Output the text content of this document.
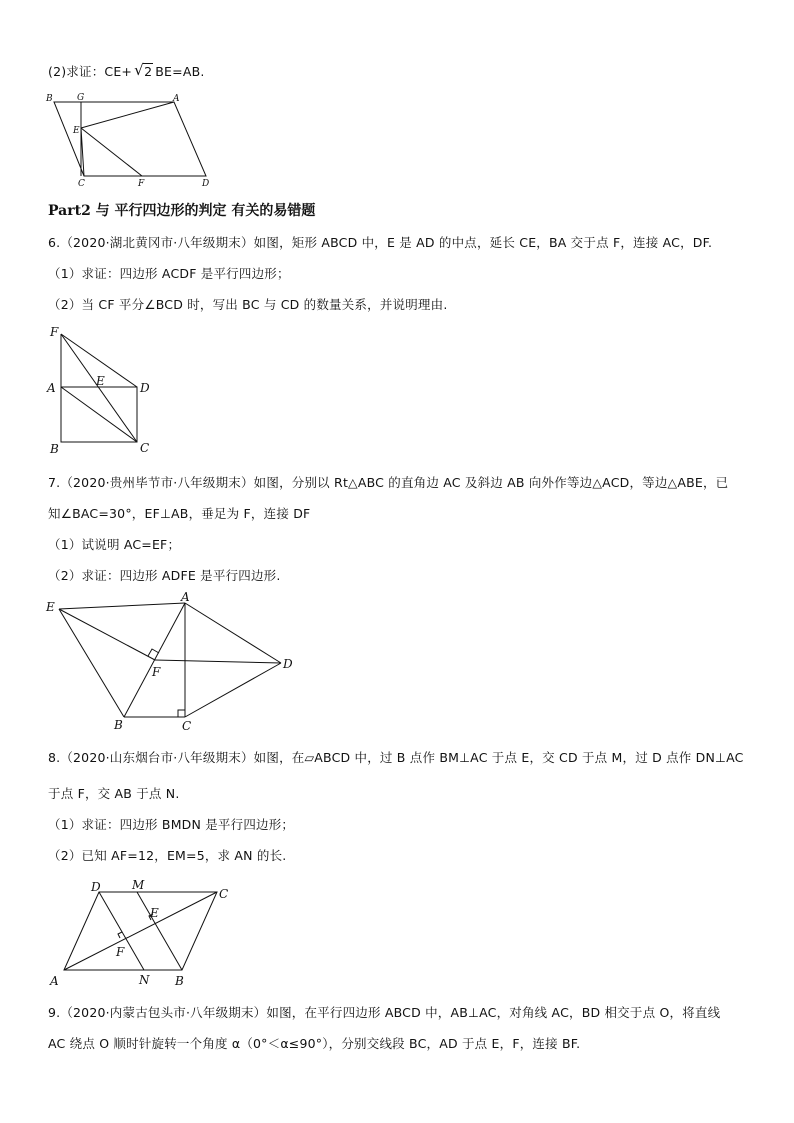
(2)求证：CE+ √ 2 BE=AB.
B	G	A
E
C	F	D
Part2 与 平行四边形的判定 有关的易错题
6.（2020·湖北黄冈市·八年级期末）如图，矩形 ABCD 中，E 是 AD 的中点，延长 CE，BA 交于点 F，连接 AC，DF.
（1）求证：四边形 ACDF 是平行四边形；
（2）当 CF 平分∠BCD 时，写出 BC 与 CD 的数量关系，并说明理由.
F
A	E	D
B	C
7.（2020·贵州毕节市·八年级期末）如图，分别以 Rt△ABC 的直角边 AC 及斜边 AB 向外作等边△ACD，等边△ABE，已
知∠BAC=30°，EF⊥AB，垂足为 F，连接 DF
（1）试说明 AC=EF；
（2）求证：四边形 ADFE 是平行四边形.
E
A
F
D
B	C
8.（2020·山东烟台市·八年级期末）如图，在▱ABCD 中，过 B 点作 BM⊥AC 于点 E，交 CD 于点 M，过 D 点作 DN⊥AC
于点 F，交 AB 于点 N.
（1）求证：四边形 BMDN 是平行四边形；
（2）已知 AF=12，EM=5，求 AN 的长.
D	M
C
E
F
A	N B
9.（2020·内蒙古包头市·八年级期末）如图，在平行四边形 ABCD 中，AB⊥AC，对角线 AC，BD 相交于点 O，将直线
AC 绕点 O 顺时针旋转一个角度 α（0°＜α≤90°），分别交线段 BC，AD 于点 E，F，连接 BF.
